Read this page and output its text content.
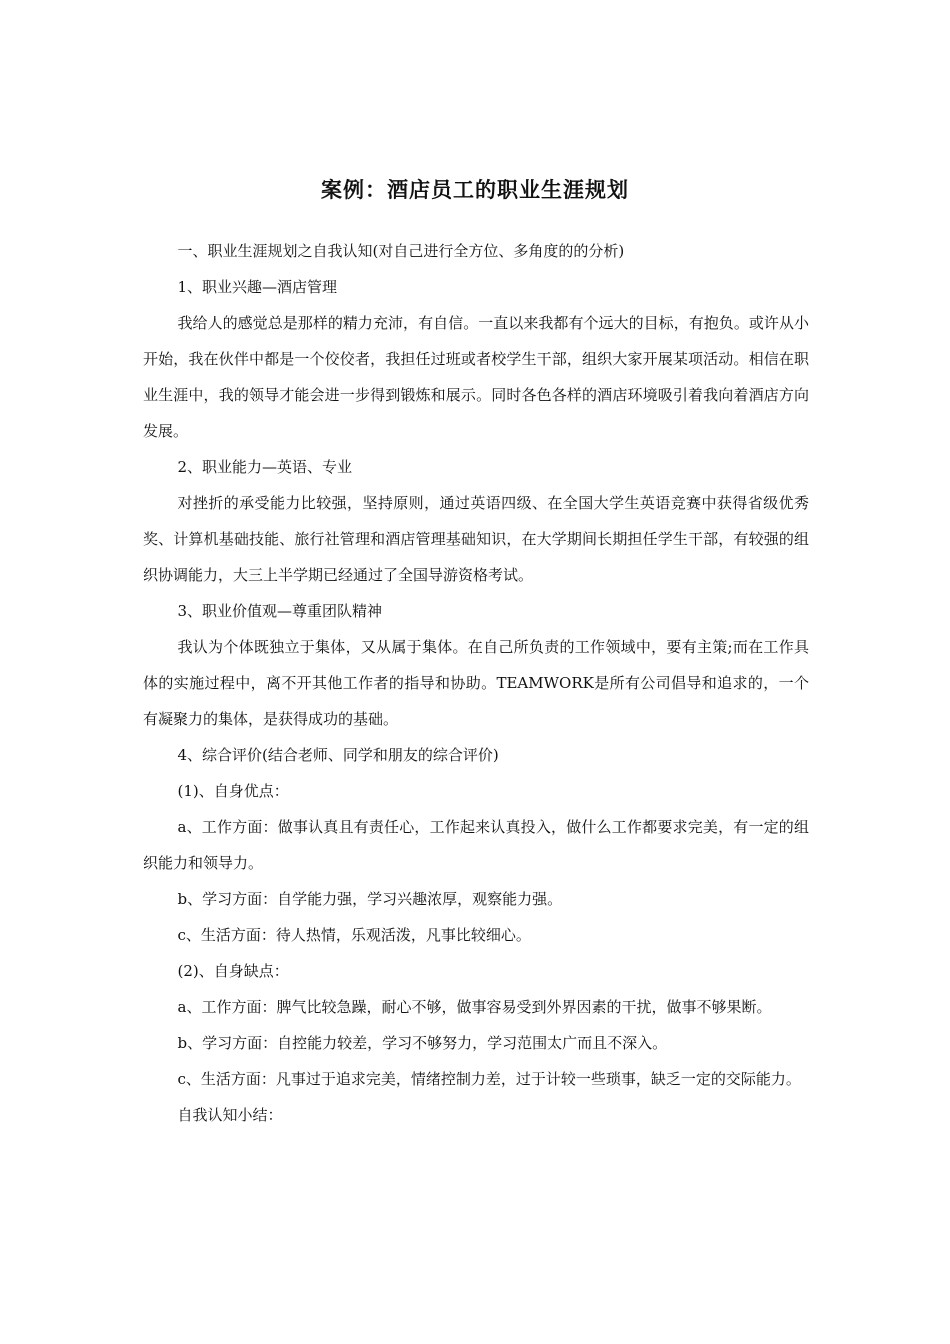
案例：酒店员工的职业生涯规划

一、职业生涯规划之自我认知(对自己进行全方位、多角度的的分析)

1、职业兴趣—酒店管理

我给人的感觉总是那样的精力充沛，有自信。一直以来我都有个远大的目标，有抱负。或许从小开始，我在伙伴中都是一个佼佼者，我担任过班或者校学生干部，组织大家开展某项活动。相信在职业生涯中，我的领导才能会进一步得到锻炼和展示。同时各色各样的酒店环境吸引着我向着酒店方向发展。

2、职业能力—英语、专业

对挫折的承受能力比较强，坚持原则，通过英语四级、在全国大学生英语竞赛中获得省级优秀奖、计算机基础技能、旅行社管理和酒店管理基础知识，在大学期间长期担任学生干部，有较强的组织协调能力，大三上半学期已经通过了全国导游资格考试。

3、职业价值观—尊重团队精神

我认为个体既独立于集体，又从属于集体。在自己所负责的工作领域中，要有主策;而在工作具体的实施过程中，离不开其他工作者的指导和协助。TEAMWORK是所有公司倡导和追求的，一个有凝聚力的集体，是获得成功的基础。

4、综合评价(结合老师、同学和朋友的综合评价)

(1)、自身优点：

a、工作方面：做事认真且有责任心，工作起来认真投入，做什么工作都要求完美，有一定的组织能力和领导力。

b、学习方面：自学能力强，学习兴趣浓厚，观察能力强。

c、生活方面：待人热情，乐观活泼，凡事比较细心。

(2)、自身缺点：

a、工作方面：脾气比较急躁，耐心不够，做事容易受到外界因素的干扰，做事不够果断。

b、学习方面：自控能力较差，学习不够努力，学习范围太广而且不深入。

c、生活方面：凡事过于追求完美，情绪控制力差，过于计较一些琐事，缺乏一定的交际能力。

自我认知小结：
